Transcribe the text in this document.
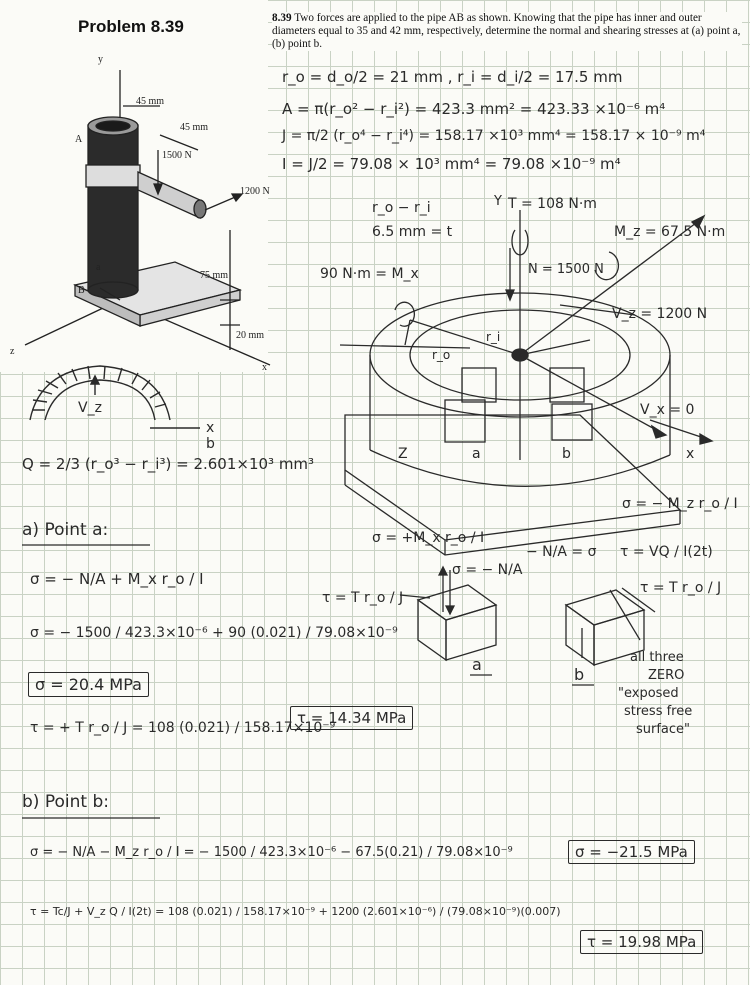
Problem 8.39	8.39 Two forces are applied to the pipe AB as shown. Knowing that the pipe has inner and outer diameters equal to 35 and 42 mm, respectively, determine the normal and shearing stresses at (a) point a, (b) point b.
y
z
x
A
B
a
45 mm
45 mm
1500 N
1200 N
75 mm
20 mm
r_o = d_o/2 = 21 mm , r_i = d_i/2 = 17.5 mm
A = π(r_o² − r_i²) = 423.3 mm² = 423.33 ×10⁻⁶ m⁴
J = π/2 (r_o⁴ − r_i⁴) = 158.17 ×10³ mm⁴ = 158.17 × 10⁻⁹ m⁴
I = J/2 = 79.08 × 10³ mm⁴ = 79.08 ×10⁻⁹ m⁴
r_o − r_i
6.5 mm = t
T = 108 N·m
Y
M_z = 67.5 N·m
90 N·m = M_x	N = 1500 N
V_z = 1200 N
V_x = 0
x
Z	a	b
r_i
r_o
V_z
x
b
Q = 2/3 (r_o³ − r_i³) = 2.601×10³ mm³
σ = +M_x r_o / I
σ = − N/A
τ = T r_o / J
a
σ = − M_z r_o / I
− N/A = σ τ = VQ / I(2t)
τ = T r_o / J
b
all three
ZERO
"exposed
stress free
surface"
a) Point a:
σ = − N/A + M_x r_o / I
σ = − 1500 / 423.3×10⁻⁶ + 90 (0.021) / 79.08×10⁻⁹
σ = 20.4 MPa
τ = + T r_o / J = 108 (0.021) / 158.17×10⁻⁹
τ = 14.34 MPa
b) Point b:
σ = − N/A − M_z r_o / I = − 1500 / 423.3×10⁻⁶ − 67.5(0.21) / 79.08×10⁻⁹	σ = −21.5 MPa
τ = Tc/J + V_z Q / I(2t) = 108 (0.021) / 158.17×10⁻⁹ + 1200 (2.601×10⁻⁶) / (79.08×10⁻⁹)(0.007)
τ = 19.98 MPa
